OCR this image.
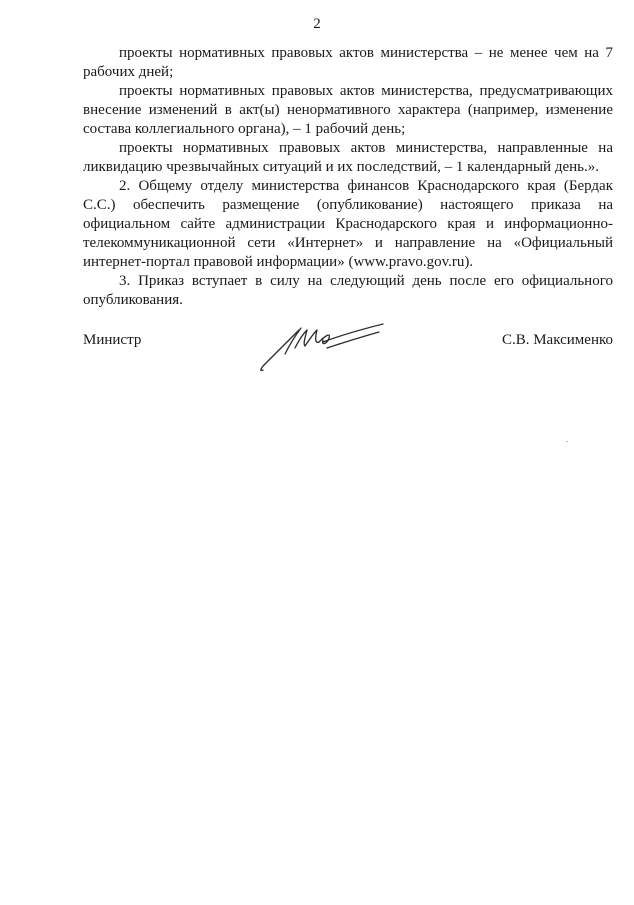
2

проекты нормативных правовых актов министерства – не менее чем на 7 рабочих дней;

проекты нормативных правовых актов министерства, предусматривающих внесение изменений в акт(ы) ненормативного характера (например, изменение состава коллегиального органа), – 1 рабочий день;

проекты нормативных правовых актов министерства, направленные на ликвидацию чрезвычайных ситуаций и их последствий, – 1 календарный день.».

2. Общему отделу министерства финансов Краснодарского края (Бердак С.С.) обеспечить размещение (опубликование) настоящего приказа на официальном сайте администрации Краснодарского края и информационно-телекоммуникационной сети «Интернет» и направление на «Официальный интернет-портал правовой информации» (www.pravo.gov.ru).

3. Приказ вступает в силу на следующий день после его официального опубликования.

Министр	С.В. Максименко
